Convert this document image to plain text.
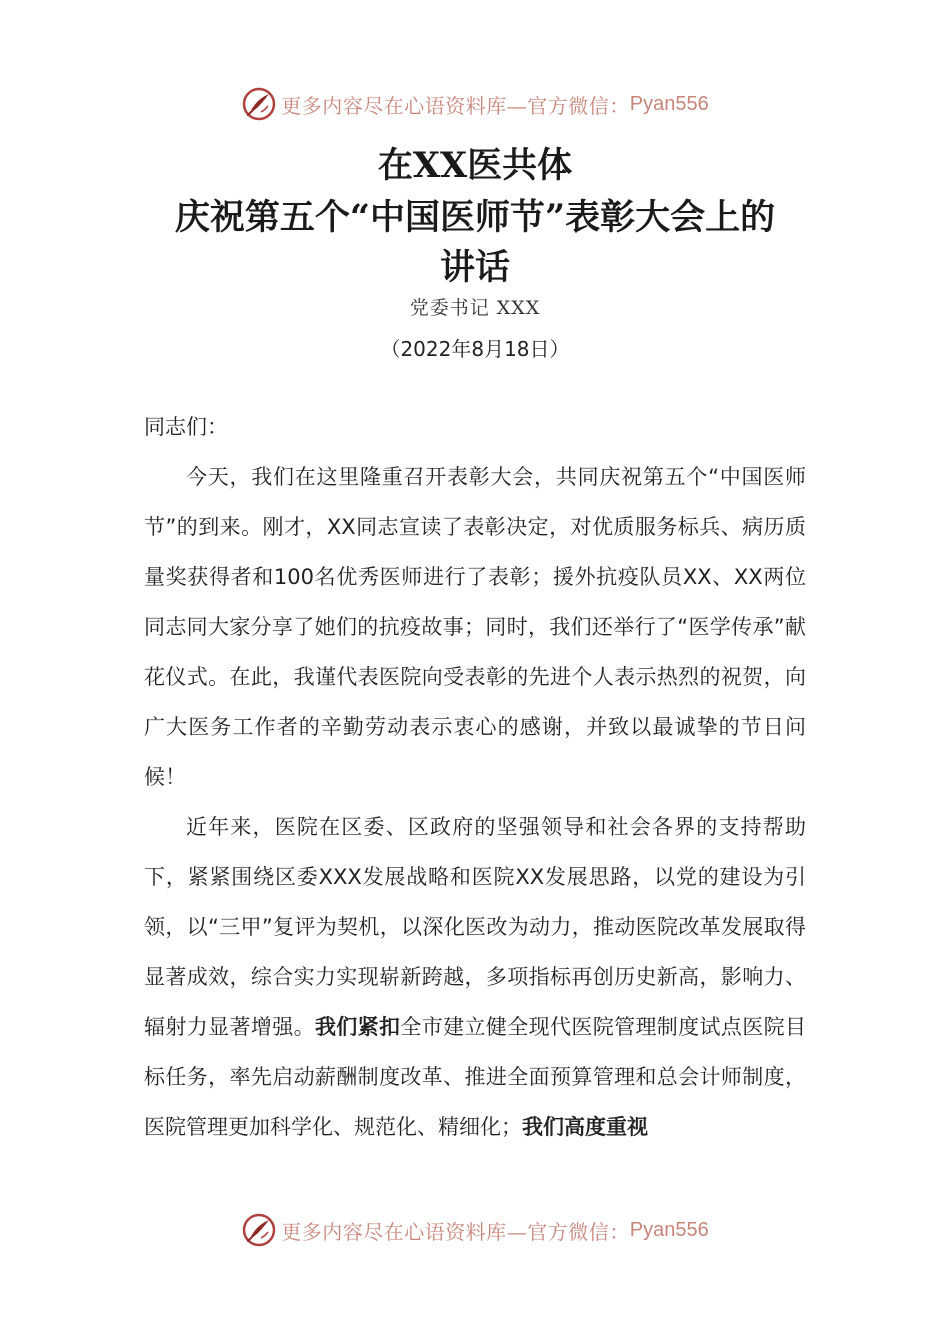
更多内容尽在心语资料库—官方微信： Pyan556
在XX医共体
庆祝第五个“中国医师节”表彰大会上的
讲话
党委书记 XXX
（2022年8月18日）

同志们：

今天，我们在这里隆重召开表彰大会，共同庆祝第五个“中国医师节”的到来。刚才，XX同志宣读了表彰决定，对优质服务标兵、病历质量奖获得者和100名优秀医师进行了表彰；援外抗疫队员XX、XX两位同志同大家分享了她们的抗疫故事；同时，我们还举行了“医学传承”献花仪式。在此，我谨代表医院向受表彰的先进个人表示热烈的祝贺，向广大医务工作者的辛勤劳动表示衷心的感谢，并致以最诚挚的节日问候！

近年来，医院在区委、区政府的坚强领导和社会各界的支持帮助下，紧紧围绕区委XXX发展战略和医院XX发展思路，以党的建设为引领，以“三甲”复评为契机，以深化医改为动力，推动医院改革发展取得显著成效，综合实力实现崭新跨越，多项指标再创历史新高，影响力、辐射力显著增强。我们紧扣全市建立健全现代医院管理制度试点医院目标任务，率先启动薪酬制度改革、推进全面预算管理和总会计师制度，医院管理更加科学化、规范化、精细化；我们高度重视

更多内容尽在心语资料库—官方微信： Pyan556
